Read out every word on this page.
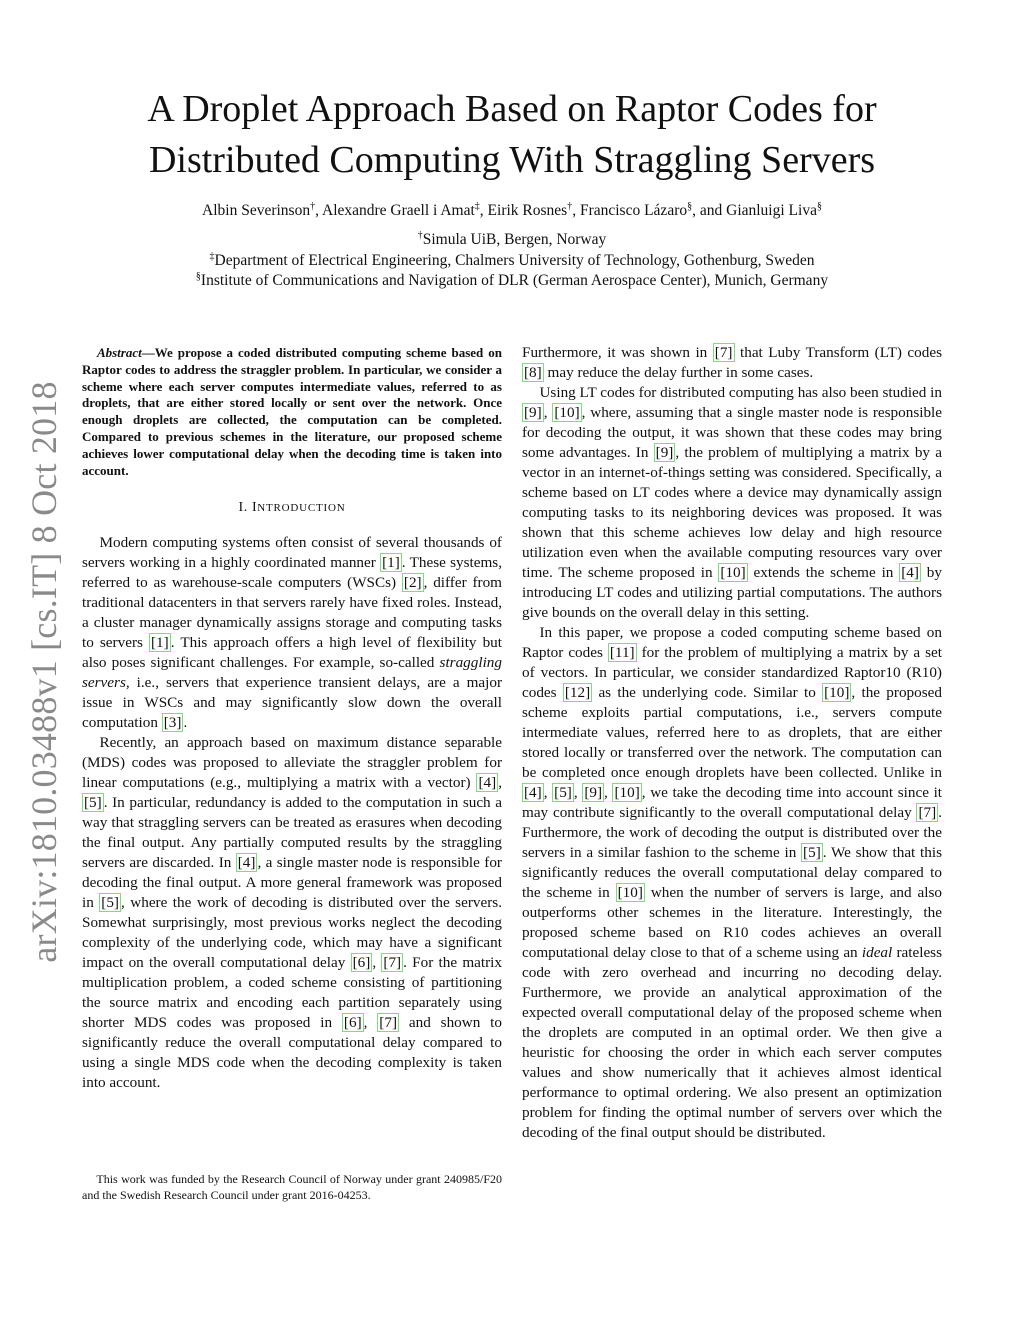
arXiv:1810.03488v1 [cs.IT] 8 Oct 2018
A Droplet Approach Based on Raptor Codes for
Distributed Computing With Straggling Servers
Albin Severinson†, Alexandre Graell i Amat‡, Eirik Rosnes†, Francisco Lázaro§, and Gianluigi Liva§
†Simula UiB, Bergen, Norway
‡Department of Electrical Engineering, Chalmers University of Technology, Gothenburg, Sweden
§Institute of Communications and Navigation of DLR (German Aerospace Center), Munich, Germany

Abstract—We propose a coded distributed computing scheme based on Raptor codes to address the straggler problem. In particular, we consider a scheme where each server computes intermediate values, referred to as droplets, that are either stored locally or sent over the network. Once enough droplets are collected, the computation can be completed. Compared to previous schemes in the literature, our proposed scheme achieves lower computational delay when the decoding time is taken into account.

I. INTRODUCTION

Modern computing systems often consist of several thousands of servers working in a highly coordinated manner [1] . These systems, referred to as warehouse-scale computers (WSCs) [2] , differ from traditional datacenters in that servers rarely have fixed roles. Instead, a cluster manager dynamically assigns storage and computing tasks to servers [1] . This approach offers a high level of flexibility but also poses significant challenges. For example, so-called straggling servers, i.e., servers that experience transient delays, are a major issue in WSCs and may significantly slow down the overall computation [3] .

Recently, an approach based on maximum distance separable (MDS) codes was proposed to alleviate the straggler problem for linear computations (e.g., multiplying a matrix with a vector) [4] , [5] . In particular, redundancy is added to the computation in such a way that straggling servers can be treated as erasures when decoding the final output. Any partially computed results by the straggling servers are discarded. In [4] , a single master node is responsible for decoding the final output. A more general framework was proposed in [5] , where the work of decoding is distributed over the servers. Somewhat surprisingly, most previous works neglect the decoding complexity of the underlying code, which may have a significant impact on the overall computational delay [6] , [7] . For the matrix multiplication problem, a coded scheme consisting of partitioning the source matrix and encoding each partition separately using shorter MDS codes was proposed in [6] , [7] and shown to significantly reduce the overall computational delay compared to using a single MDS code when the decoding complexity is taken into account.

This work was funded by the Research Council of Norway under grant 240985/F20 and the Swedish Research Council under grant 2016-04253.

Furthermore, it was shown in [7] that Luby Transform (LT) codes [8] may reduce the delay further in some cases.

Using LT codes for distributed computing has also been studied in [9] , [10] , where, assuming that a single master node is responsible for decoding the output, it was shown that these codes may bring some advantages. In [9] , the problem of multiplying a matrix by a vector in an internet-of-things setting was considered. Specifically, a scheme based on LT codes where a device may dynamically assign computing tasks to its neighboring devices was proposed. It was shown that this scheme achieves low delay and high resource utilization even when the available computing resources vary over time. The scheme proposed in [10] extends the scheme in [4] by introducing LT codes and utilizing partial computations. The authors give bounds on the overall delay in this setting.

In this paper, we propose a coded computing scheme based on Raptor codes [11] for the problem of multiplying a matrix by a set of vectors. In particular, we consider standardized Raptor10 (R10) codes [12] as the underlying code. Similar to [10] , the proposed scheme exploits partial computations, i.e., servers compute intermediate values, referred here to as droplets, that are either stored locally or transferred over the network. The computation can be completed once enough droplets have been collected. Unlike in [4] , [5] , [9] , [10] , we take the decoding time into account since it may contribute significantly to the overall computational delay [7] . Furthermore, the work of decoding the output is distributed over the servers in a similar fashion to the scheme in [5] . We show that this significantly reduces the overall computational delay compared to the scheme in [10] when the number of servers is large, and also outperforms other schemes in the literature. Interestingly, the proposed scheme based on R10 codes achieves an overall computational delay close to that of a scheme using an ideal rateless code with zero overhead and incurring no decoding delay. Furthermore, we provide an analytical approximation of the expected overall computational delay of the proposed scheme when the droplets are computed in an optimal order. We then give a heuristic for choosing the order in which each server computes values and show numerically that it achieves almost identical performance to optimal ordering. We also present an optimization problem for finding the optimal number of servers over which the decoding of the final output should be distributed.
